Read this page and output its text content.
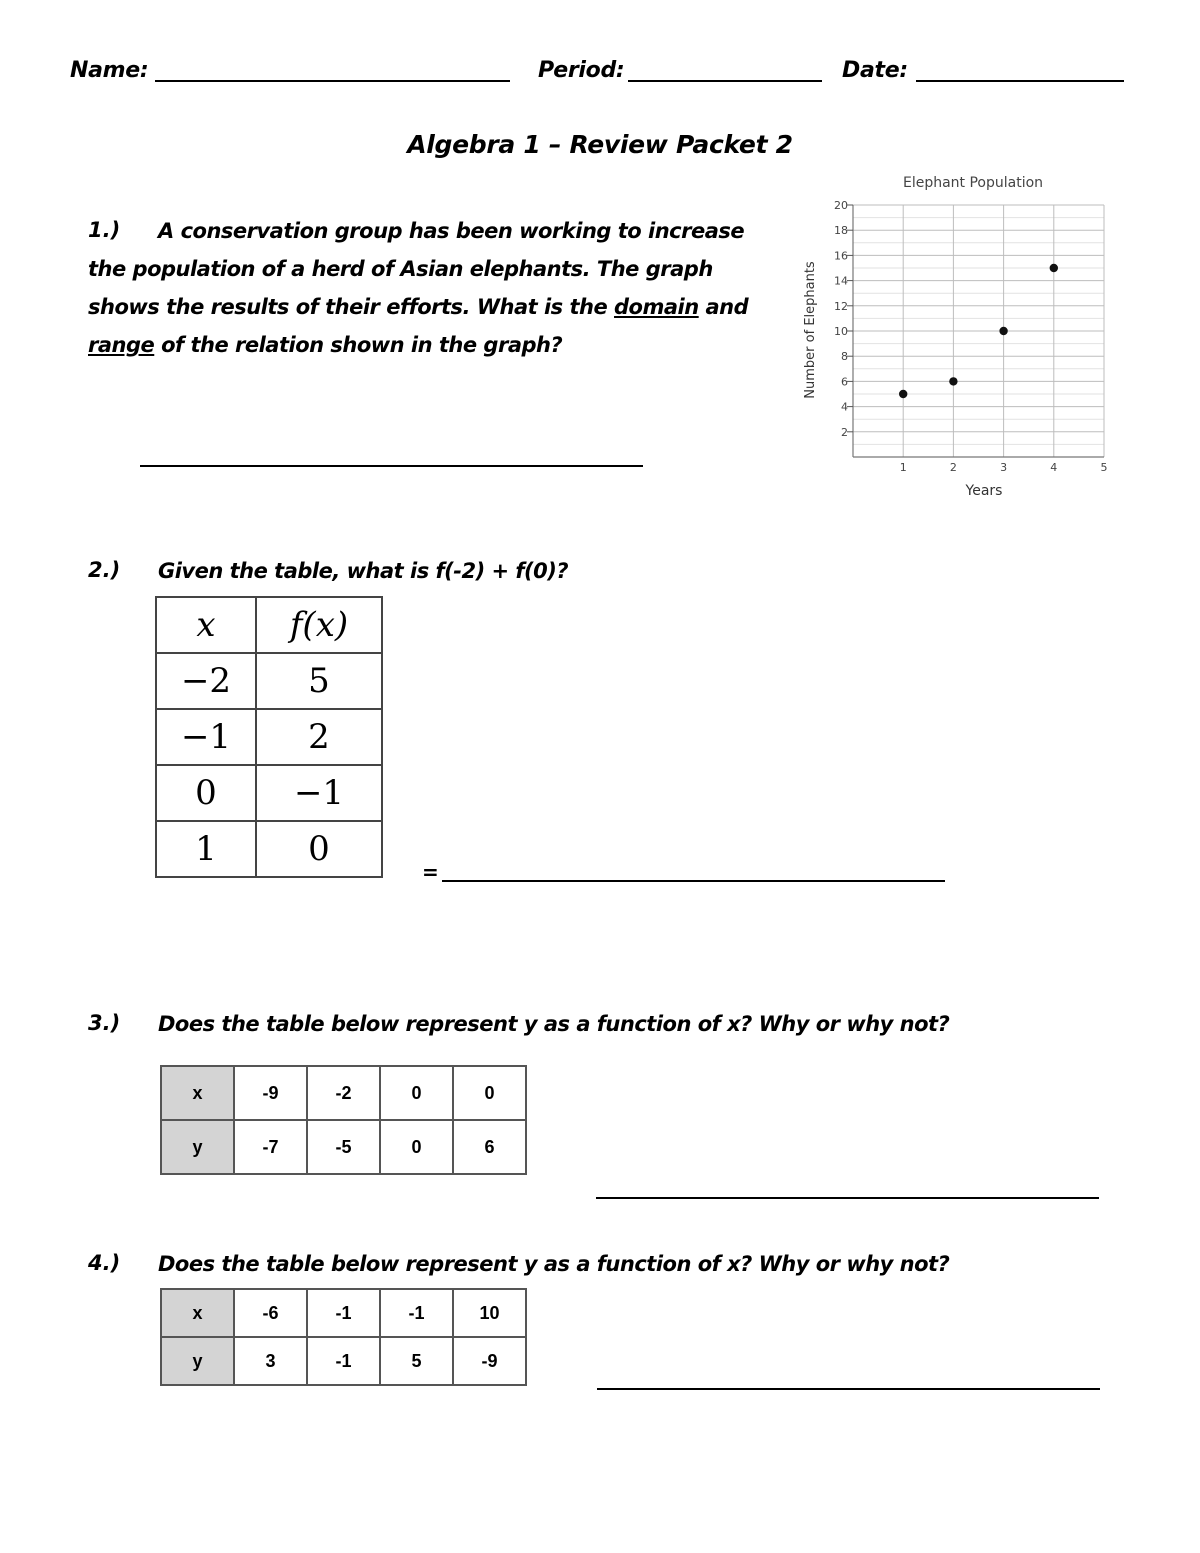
Name:	Period:	Date:
Algebra 1 – Review Packet 2
1.)	A conservation group has been working to increase the population of a herd of Asian elephants. The graph shows the results of their efforts. What is the domain and range of the relation shown in the graph?
2
4
6
8
10
12
14
16
18
20
1	2	3	4	5
Elephant Population
Years
Number of Elephants
2.) Given the table, what is f(-2) + f(0)?
x	f(x)
−2	5
−1	2
0	−1
1	0
=
3.) Does the table below represent y as a function of x? Why or why not?
x	-9	-2	0	0
y	-7	-5	0	6
4.) Does the table below represent y as a function of x? Why or why not?
x	-6	-1	-1	10
y	3	-1	5	-9
